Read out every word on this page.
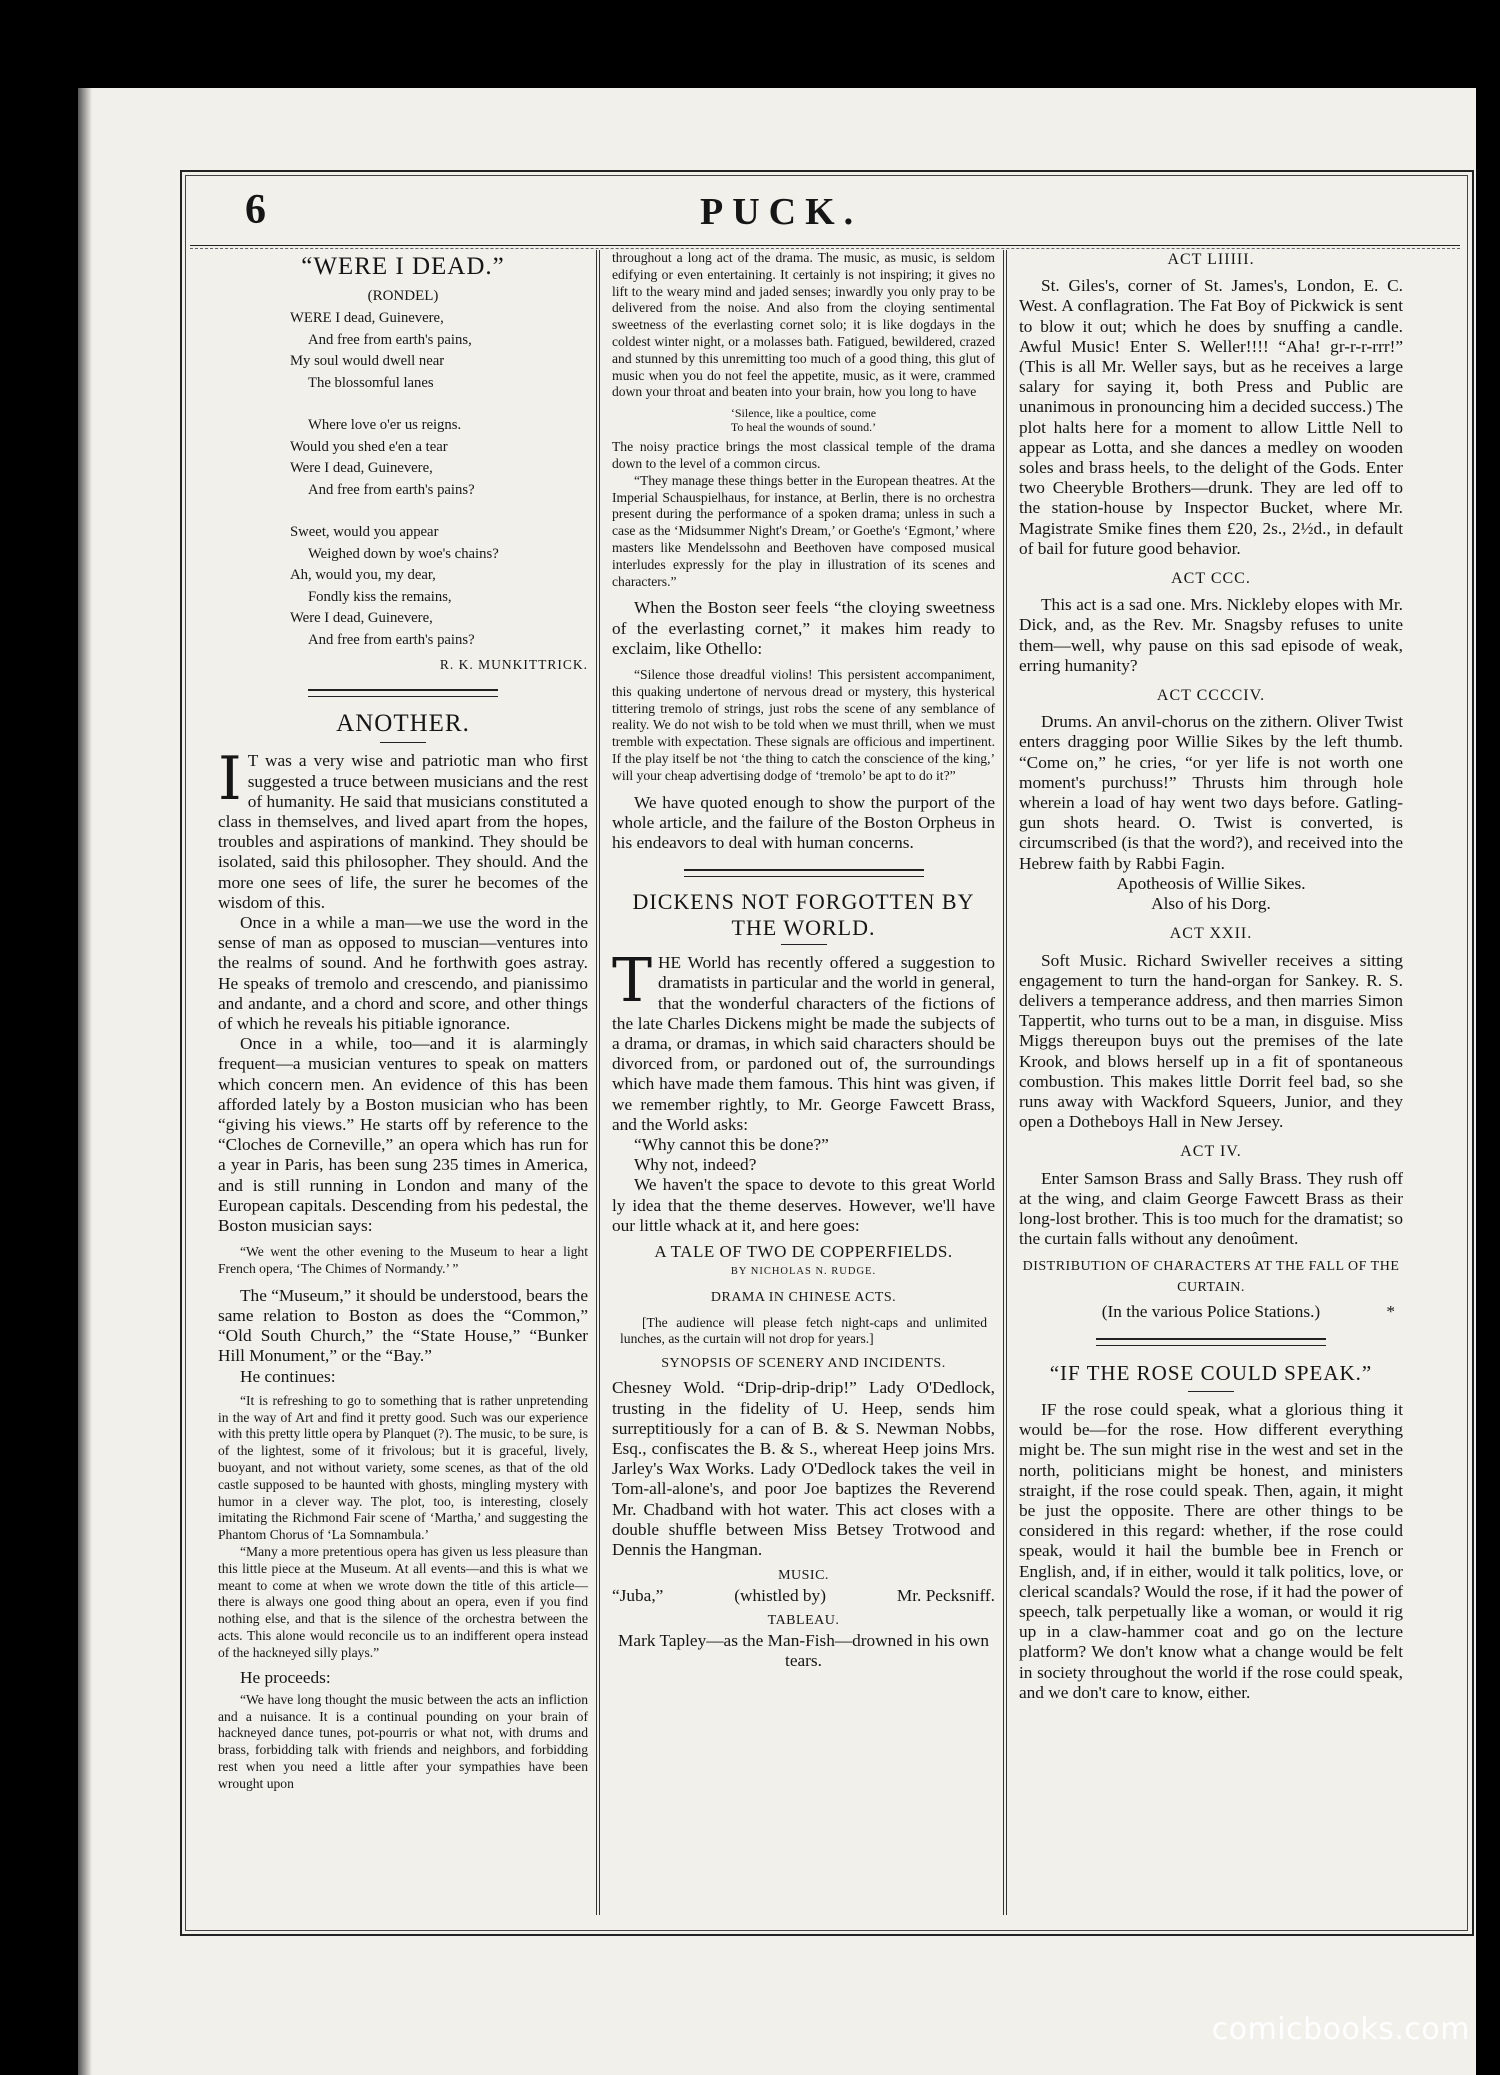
6	PUCK.
“WERE I DEAD.”
(RONDEL)
WERE I dead, Guinevere,
And free from earth's pains,
My soul would dwell near
The blossomful lanes
Where love o'er us reigns.
Would you shed e'en a tear
Were I dead, Guinevere,
And free from earth's pains?
Sweet, would you appear
Weighed down by woe's chains?
Ah, would you, my dear,
Fondly kiss the remains,
Were I dead, Guinevere,
And free from earth's pains?
R. K. MUNKITTRICK.
ANOTHER.

I T was a very wise and patriotic man who first suggested a truce between musicians and the rest of humanity. He said that musicians constituted a class in themselves, and lived apart from the hopes, troubles and aspirations of mankind. They should be isolated, said this philosopher. They should. And the more one sees of life, the surer he becomes of the wisdom of this.

Once in a while a man—we use the word in the sense of man as opposed to muscian—ventures into the realms of sound. And he forthwith goes astray. He speaks of tremolo and crescendo, and pianissimo and andante, and a chord and score, and other things of which he reveals his pitiable ignorance.

Once in a while, too—and it is alarmingly frequent—a musician ventures to speak on matters which concern men. An evidence of this has been afforded lately by a Boston musician who has been “giving his views.” He starts off by reference to the “Cloches de Corneville,” an opera which has run for a year in Paris, has been sung 235 times in America, and is still running in London and many of the European capitals. Descending from his pedestal, the Boston musician says:

“We went the other evening to the Museum to hear a light French opera, ‘The Chimes of Normandy.’ ”

The “Museum,” it should be understood, bears the same relation to Boston as does the “Common,” “Old South Church,” the “State House,” “Bunker Hill Monument,” or the “Bay.”

He continues:

“It is refreshing to go to something that is rather unpretending in the way of Art and find it pretty good. Such was our experience with this pretty little opera by Planquet (?). The music, to be sure, is of the lightest, some of it frivolous; but it is graceful, lively, buoyant, and not without variety, some scenes, as that of the old castle supposed to be haunted with ghosts, mingling mystery with humor in a clever way. The plot, too, is interesting, closely imitating the Richmond Fair scene of ‘Martha,’ and suggesting the Phantom Chorus of ‘La Somnambula.’

“Many a more pretentious opera has given us less pleasure than this little piece at the Museum. At all events—and this is what we meant to come at when we wrote down the title of this article—there is always one good thing about an opera, even if you find nothing else, and that is the silence of the orchestra between the acts. This alone would reconcile us to an indifferent opera instead of the hackneyed silly plays.”

He proceeds:

“We have long thought the music between the acts an infliction and a nuisance. It is a continual pounding on your brain of hackneyed dance tunes, pot-pourris or what not, with drums and brass, forbidding talk with friends and neighbors, and forbidding rest when you need a little after your sympathies have been wrought upon

throughout a long act of the drama. The music, as music, is seldom edifying or even entertaining. It certainly is not inspiring; it gives no lift to the weary mind and jaded senses; inwardly you only pray to be delivered from the noise. And also from the cloying sentimental sweetness of the everlasting cornet solo; it is like dogdays in the coldest winter night, or a molasses bath. Fatigued, bewildered, crazed and stunned by this unremitting too much of a good thing, this glut of music when you do not feel the appetite, music, as it were, crammed down your throat and beaten into your brain, how you long to have

‘Silence, like a poultice, come
To heal the wounds of sound.’

The noisy practice brings the most classical temple of the drama down to the level of a common circus.

“They manage these things better in the European theatres. At the Imperial Schauspielhaus, for instance, at Berlin, there is no orchestra present during the performance of a spoken drama; unless in such a case as the ‘Midsummer Night's Dream,’ or Goethe's ‘Egmont,’ where masters like Mendelssohn and Beethoven have composed musical interludes expressly for the play in illustration of its scenes and characters.”

When the Boston seer feels “the cloying sweetness of the everlasting cornet,” it makes him ready to exclaim, like Othello:

“Silence those dreadful violins! This persistent accompaniment, this quaking undertone of nervous dread or mystery, this hysterical tittering tremolo of strings, just robs the scene of any semblance of reality. We do not wish to be told when we must thrill, when we must tremble with expectation. These signals are officious and impertinent. If the play itself be not ‘the thing to catch the conscience of the king,’ will your cheap advertising dodge of ‘tremolo’ be apt to do it?”

We have quoted enough to show the purport of the whole article, and the failure of the Boston Orpheus in his endeavors to deal with human concerns.

DICKENS NOT FORGOTTEN BY THE WORLD.

THE World has recently offered a suggestion to dramatists in particular and the world in general, that the wonderful characters of the fictions of the late Charles Dickens might be made the subjects of a drama, or dramas, in which said characters should be divorced from, or pardoned out of, the surroundings which have made them famous. This hint was given, if we remember rightly, to Mr. George Fawcett Brass, and the World asks:

“Why cannot this be done?”

Why not, indeed?

We haven't the space to devote to this great World ly idea that the theme deserves. However, we'll have our little whack at it, and here goes:

A TALE OF TWO DE COPPERFIELDS.
BY NICHOLAS N. RUDGE.
DRAMA IN CHINESE ACTS.

[The audience will please fetch night-caps and unlimited lunches, as the curtain will not drop for years.]

SYNOPSIS OF SCENERY AND INCIDENTS.

Chesney Wold. “Drip-drip-drip!” Lady O'Dedlock, trusting in the fidelity of U. Heep, sends him surreptitiously for a can of B. & S. Newman Nobbs, Esq., confiscates the B. & S., whereat Heep joins Mrs. Jarley's Wax Works. Lady O'Dedlock takes the veil in Tom-all-alone's, and poor Joe baptizes the Reverend Mr. Chadband with hot water. This act closes with a double shuffle between Miss Betsey Trotwood and Dennis the Hangman.

MUSIC.
“Juba,”	(whistled by)	Mr. Pecksniff.
TABLEAU.
Mark Tapley—as the Man-Fish—drowned in his own tears.
ACT LIIIII.

St. Giles's, corner of St. James's, London, E. C. West. A conflagration. The Fat Boy of Pickwick is sent to blow it out; which he does by snuffing a candle. Awful Music! Enter S. Weller!!!! “Aha! gr-r-r-rrr!” (This is all Mr. Weller says, but as he receives a large salary for saying it, both Press and Public are unanimous in pronouncing him a decided success.) The plot halts here for a moment to allow Little Nell to appear as Lotta, and she dances a medley on wooden soles and brass heels, to the delight of the Gods. Enter two Cheeryble Brothers—drunk. They are led off to the station-house by Inspector Bucket, where Mr. Magistrate Smike fines them £20, 2s., 2½d., in default of bail for future good behavior.

ACT CCC.

This act is a sad one. Mrs. Nickleby elopes with Mr. Dick, and, as the Rev. Mr. Snagsby refuses to unite them—well, why pause on this sad episode of weak, erring humanity?

ACT CCCCIV.

Drums. An anvil-chorus on the zithern. Oliver Twist enters dragging poor Willie Sikes by the left thumb. “Come on,” he cries, “or yer life is not worth one moment's purchuss!” Thrusts him through hole wherein a load of hay went two days before. Gatling-gun shots heard. O. Twist is converted, is circumscribed (is that the word?), and received into the Hebrew faith by Rabbi Fagin.

Apotheosis of Willie Sikes.
Also of his Dorg.
ACT XXII.

Soft Music. Richard Swiveller receives a sitting engagement to turn the hand-organ for Sankey. R. S. delivers a temperance address, and then marries Simon Tappertit, who turns out to be a man, in disguise. Miss Miggs thereupon buys out the premises of the late Krook, and blows herself up in a fit of spontaneous combustion. This makes little Dorrit feel bad, so she runs away with Wackford Squeers, Junior, and they open a Dotheboys Hall in New Jersey.

ACT IV.

Enter Samson Brass and Sally Brass. They rush off at the wing, and claim George Fawcett Brass as their long-lost brother. This is too much for the dramatist; so the curtain falls without any denoûment.

DISTRIBUTION OF CHARACTERS AT THE FALL OF THE CURTAIN.
(In the various Police Stations.)	*
“IF THE ROSE COULD SPEAK.”

IF the rose could speak, what a glorious thing it would be—for the rose. How different everything might be. The sun might rise in the west and set in the north, politicians might be honest, and ministers straight, if the rose could speak. Then, again, it might be just the opposite. There are other things to be considered in this regard: whether, if the rose could speak, would it hail the bumble bee in French or English, and, if in either, would it talk politics, love, or clerical scandals? Would the rose, if it had the power of speech, talk perpetually like a woman, or would it rig up in a claw-hammer coat and go on the lecture platform? We don't know what a change would be felt in society throughout the world if the rose could speak, and we don't care to know, either.

comicbooks.com
